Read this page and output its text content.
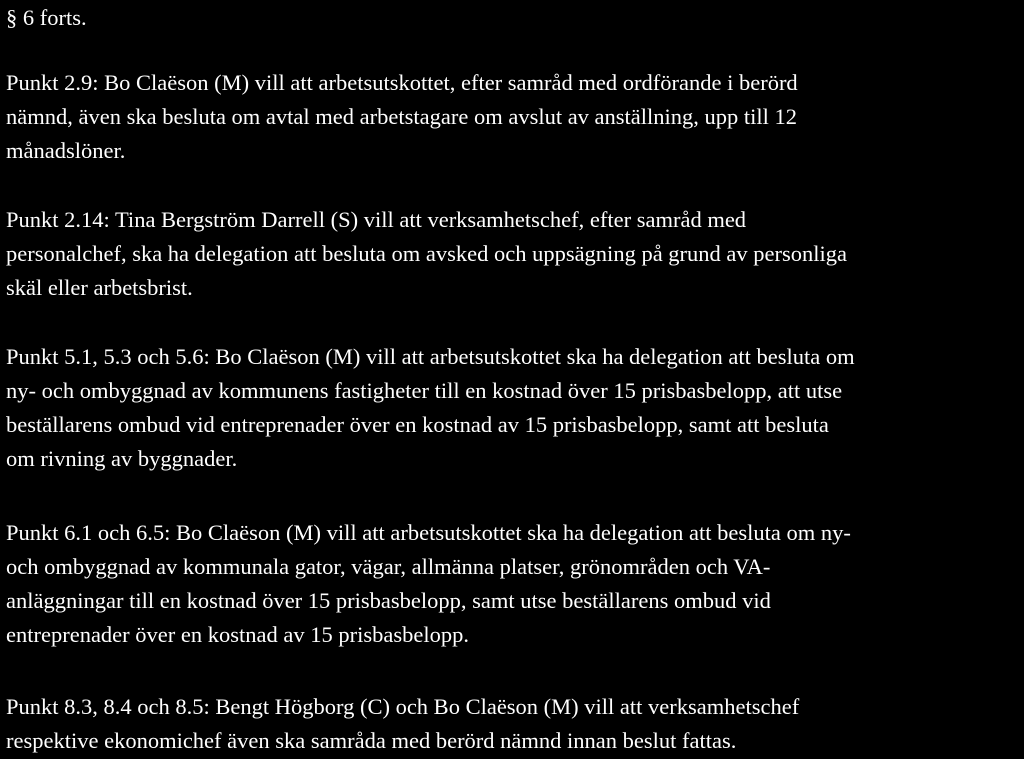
§ 6 forts.

Punkt 2.9: Bo Claëson (M) vill att arbetsutskottet, efter samråd med ordförande i berörd
nämnd, även ska besluta om avtal med arbetstagare om avslut av anställning, upp till 12
månadslöner.

Punkt 2.14: Tina Bergström Darrell (S) vill att verksamhetschef, efter samråd med
personalchef, ska ha delegation att besluta om avsked och uppsägning på grund av personliga
skäl eller arbetsbrist.

Punkt 5.1, 5.3 och 5.6: Bo Claëson (M) vill att arbetsutskottet ska ha delegation att besluta om
ny- och ombyggnad av kommunens fastigheter till en kostnad över 15 prisbasbelopp, att utse
beställarens ombud vid entreprenader över en kostnad av 15 prisbasbelopp, samt att besluta
om rivning av byggnader.

Punkt 6.1 och 6.5: Bo Claëson (M) vill att arbetsutskottet ska ha delegation att besluta om ny-
och ombyggnad av kommunala gator, vägar, allmänna platser, grönområden och VA-
anläggningar till en kostnad över 15 prisbasbelopp, samt utse beställarens ombud vid
entreprenader över en kostnad av 15 prisbasbelopp.

Punkt 8.3, 8.4 och 8.5: Bengt Högborg (C) och Bo Claëson (M) vill att verksamhetschef
respektive ekonomichef även ska samråda med berörd nämnd innan beslut fattas.
